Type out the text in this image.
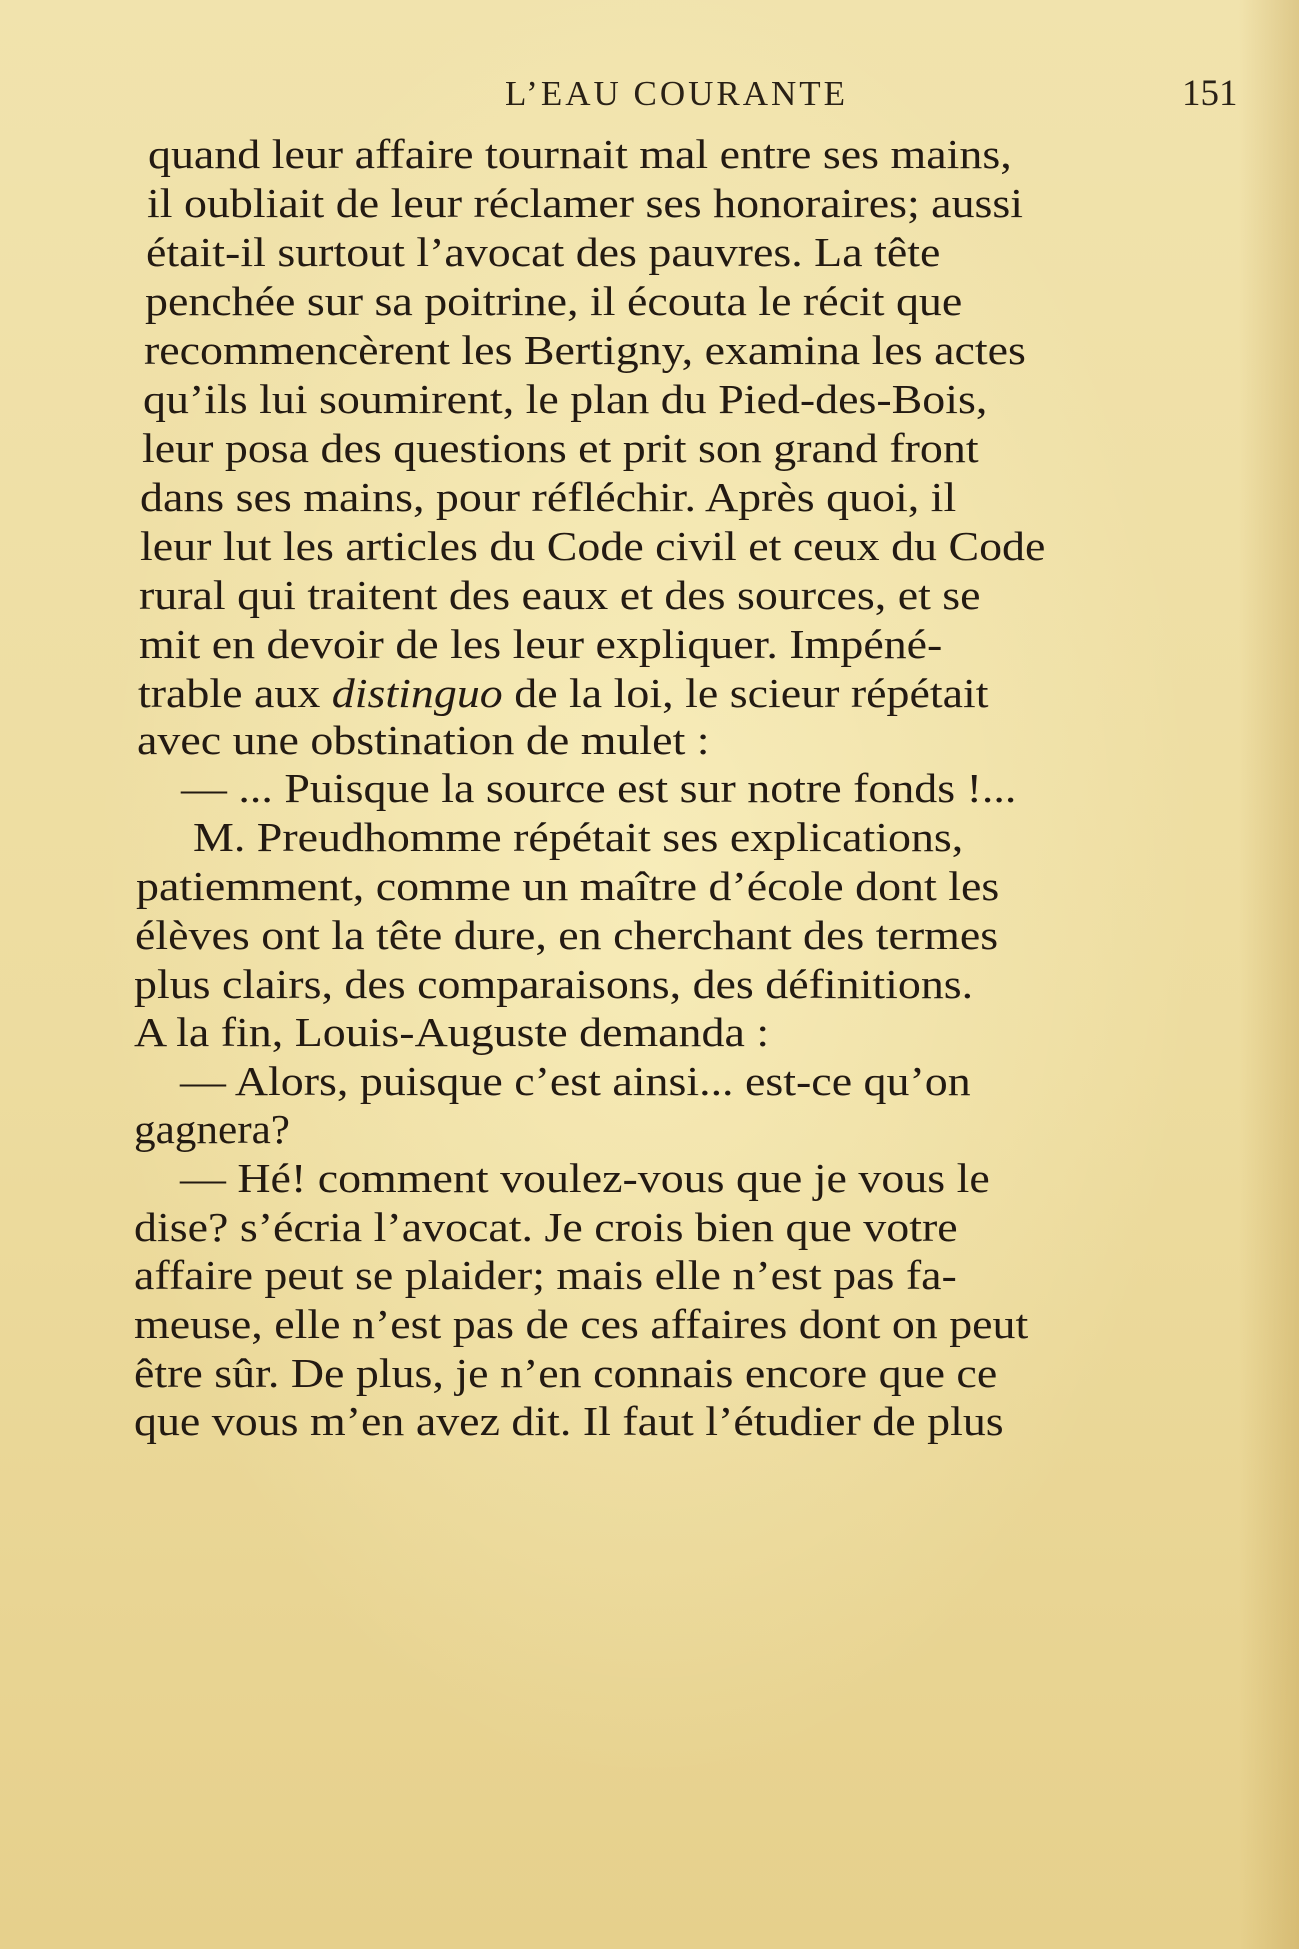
L’EAU COURANTE	151
quand leur affaire tournait mal entre ses mains,
il oubliait de leur réclamer ses honoraires; aussi
était-il surtout l’avocat des pauvres. La tête
penchée sur sa poitrine, il écouta le récit que
recommencèrent les Bertigny, examina les actes
qu’ils lui soumirent, le plan du Pied-des-Bois,
leur posa des questions et prit son grand front
dans ses mains, pour réfléchir. Après quoi, il
leur lut les articles du Code civil et ceux du Code
rural qui traitent des eaux et des sources, et se
mit en devoir de les leur expliquer. Impéné-
trable aux distinguo de la loi, le scieur répétait
avec une obstination de mulet :
— ... Puisque la source est sur notre fonds !...
M. Preudhomme répétait ses explications,
patiemment, comme un maître d’école dont les
élèves ont la tête dure, en cherchant des termes
plus clairs, des comparaisons, des définitions.
A la fin, Louis-Auguste demanda :
— Alors, puisque c’est ainsi... est-ce qu’on
gagnera?
— Hé! comment voulez-vous que je vous le
dise? s’écria l’avocat. Je crois bien que votre
affaire peut se plaider; mais elle n’est pas fa-
meuse, elle n’est pas de ces affaires dont on peut
être sûr. De plus, je n’en connais encore que ce
que vous m’en avez dit. Il faut l’étudier de plus
